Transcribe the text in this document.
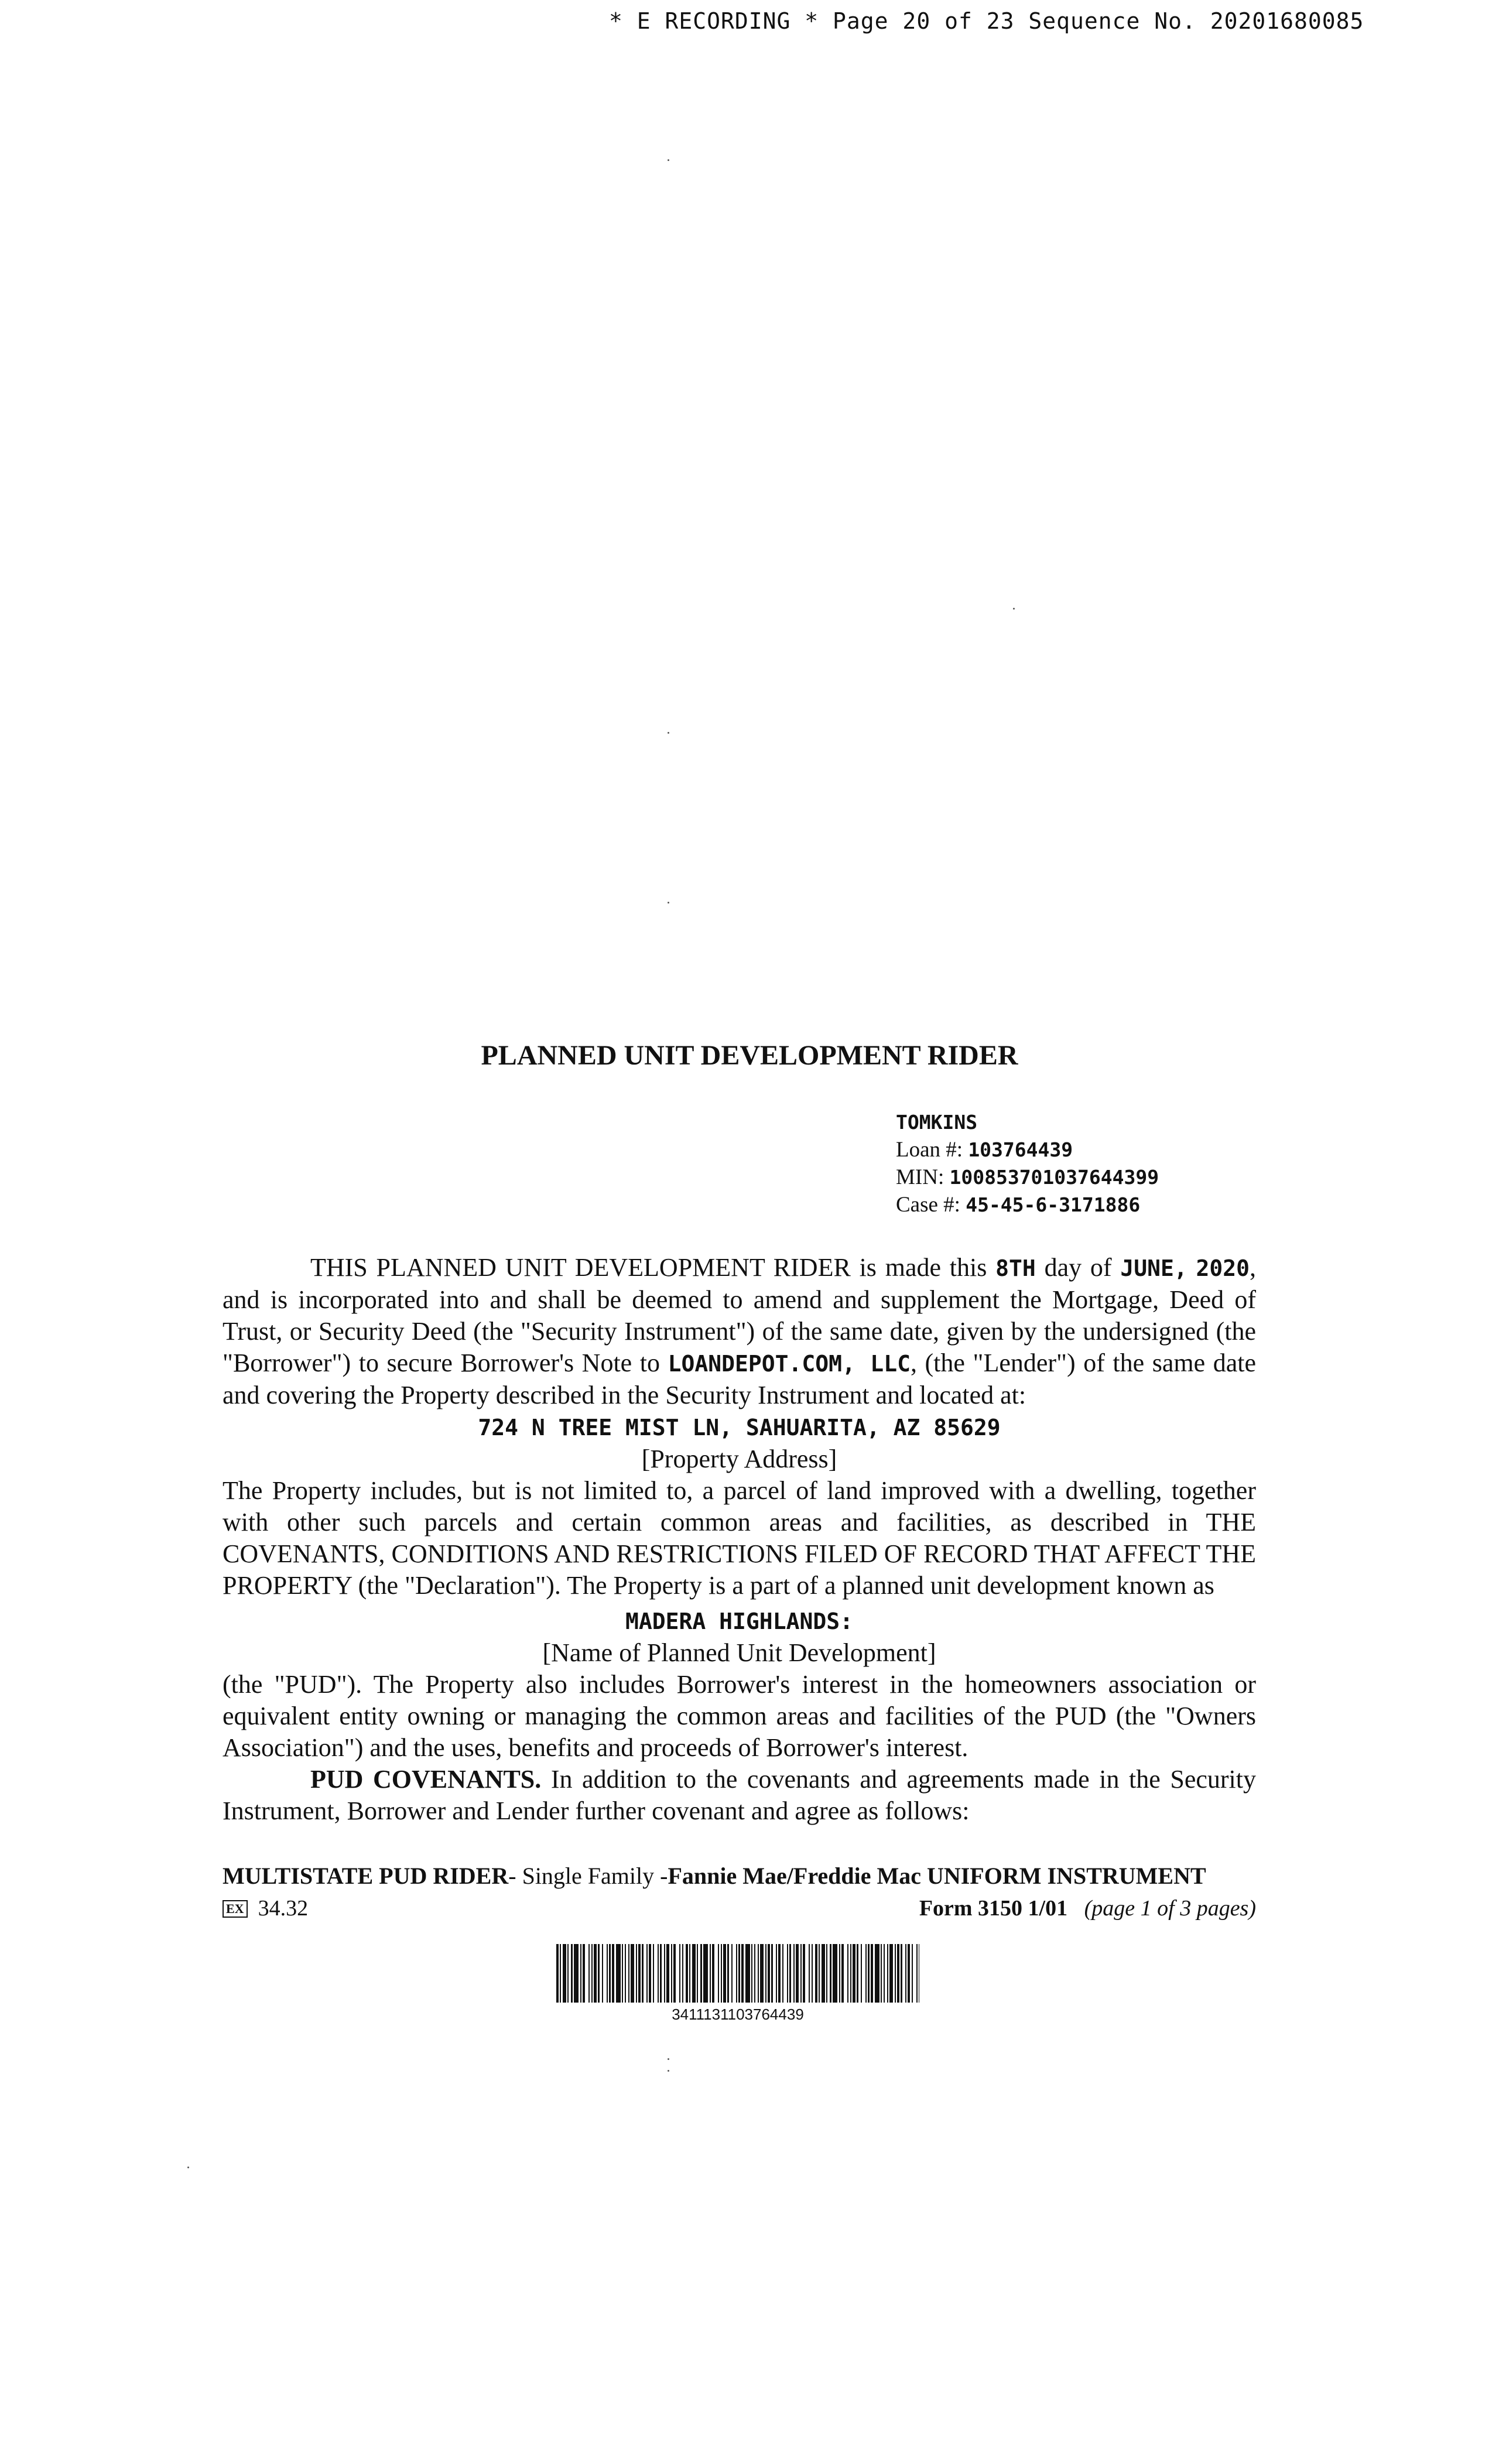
* E RECORDING * Page 20 of 23 Sequence No. 20201680085
PLANNED UNIT DEVELOPMENT RIDER
TOMKINS
Loan #: 103764439
MIN: 100853701037644399
Case #: 45-45-6-3171886

THIS PLANNED UNIT DEVELOPMENT RIDER is made this 8TH day of JUNE, 2020, and is incorporated into and shall be deemed to amend and supplement the Mortgage, Deed of Trust, or Security Deed (the "Security Instrument") of the same date, given by the undersigned (the "Borrower") to secure Borrower's Note to LOANDEPOT.COM, LLC, (the "Lender") of the same date and covering the Property described in the Security Instrument and located at:

724 N TREE MIST LN, SAHUARITA, AZ 85629

[Property Address]

The Property includes, but is not limited to, a parcel of land improved with a dwelling, together with other such parcels and certain common areas and facilities, as described in THE COVENANTS, CONDITIONS AND RESTRICTIONS FILED OF RECORD THAT AFFECT THE PROPERTY (the "Declaration"). The Property is a part of a planned unit development known as

MADERA HIGHLANDS:

[Name of Planned Unit Development]

(the "PUD"). The Property also includes Borrower's interest in the homeowners association or equivalent entity owning or managing the common areas and facilities of the PUD (the "Owners Association") and the uses, benefits and proceeds of Borrower's interest.

PUD COVENANTS. In addition to the covenants and agreements made in the Security Instrument, Borrower and Lender further covenant and agree as follows:

MULTISTATE PUD RIDER- Single Family -Fannie Mae/Freddie Mac UNIFORM INSTRUMENT
EX 34.32	Form 3150 1/01 (page 1 of 3 pages)
3411131103764439
